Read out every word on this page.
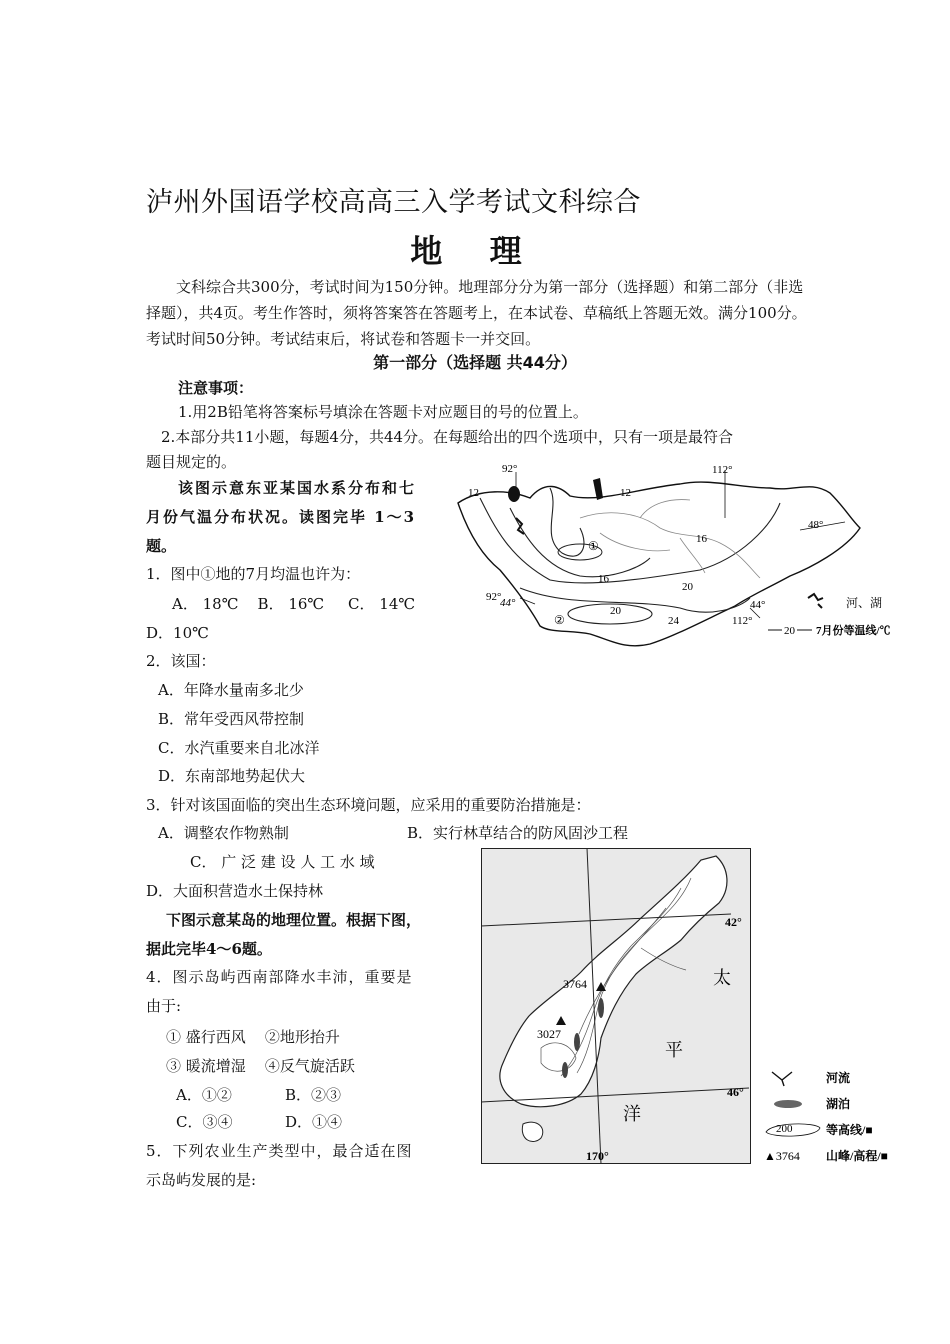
泸州外国语学校高高三入学考试文科综合
地 理
文科综合共300分，考试时间为150分钟。地理部分分为第一部分（选择题）和第二部分（非选择题），共4页。考生作答时，须将答案答在答题考上，在本试卷、草稿纸上答题无效。满分100分。考试时间50分钟。考试结束后，将试卷和答题卡一并交回。
第一部分（选择题 共44分）
注意事项：
1.用2B铅笔将答案标号填涂在答题卡对应题目的号的位置上。
2.本部分共11小题，每题4分，共44分。在每题给出的四个选项中，只有一项是最符合
题目规定的。
该图示意东亚某国水系分布和七
月份气温分布状况。读图完毕 1～3
题。
1．图中①地的7月均温也许为：
A． 18℃    B． 16℃     C． 14℃
D．10℃
2．该国：
A．年降水量南多北少
B．常年受西风带控制
C．水汽重要来自北冰洋
D．东南部地势起伏大
3．针对该国面临的突出生态环境问题，应采用的重要防治措施是：
A．调整农作物熟制	B．实行林草结合的防风固沙工程
C． 广 泛 建 设 人 工 水 域
D．大面积营造水土保持林
下图示意某岛的地理位置。根据下图，
据此完毕4～6题。
4．图示岛屿西南部降水丰沛，重要是
由于:
① 盛行西风    ②地形抬升
③ 暖流增湿    ④反气旋活跃
A．①②	B．②③
C．③④	D．①④
5．下列农业生产类型中，最合适在图
示岛屿发展的是:
92°	112°
92°
112°
48°
44°	44°
12	12
16
16
20
20
24
①
②
河、湖
20 7月份等温线/℃
3764
3027
42°
46°
170°
太
平
洋
河流
湖泊
200	等高线/■
▲3764 山峰/高程/■
